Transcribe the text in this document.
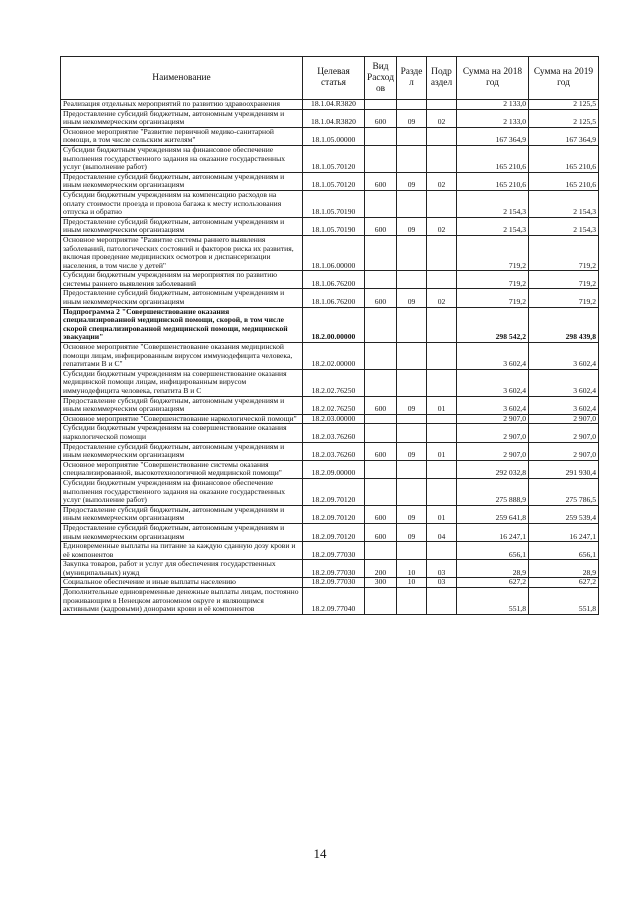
Наименование	Целевая статья	Вид Расход ов	Разде л	Подр аздел	Сумма на 2018 год	Сумма на 2019 год
Реализация отдельных мероприятий по развитию здравоохранения	18.1.04.R3820				2 133,0	2 125,5
Предоставление субсидий бюджетным, автономным учреждениям и иным некоммерческим организациям	18.1.04.R3820	600	09	02	2 133,0	2 125,5
Основное мероприятие "Развитие первичной медико-санитарной помощи, в том числе сельским жителям"	18.1.05.00000				167 364,9	167 364,9
Субсидии бюджетным учреждениям на финансовое обеспечение выполнения государственного задания на оказание государственных услуг (выполнение работ)	18.1.05.70120				165 210,6	165 210,6
Предоставление субсидий бюджетным, автономным учреждениям и иным некоммерческим организациям	18.1.05.70120	600	09	02	165 210,6	165 210,6
Субсидии бюджетным учреждениям на компенсацию расходов на оплату стоимости проезда и провоза багажа к месту использования отпуска и обратно	18.1.05.70190				2 154,3	2 154,3
Предоставление субсидий бюджетным, автономным учреждениям и иным некоммерческим организациям	18.1.05.70190	600	09	02	2 154,3	2 154,3
Основное мероприятие "Развитие системы раннего выявления заболеваний, патологических состояний и факторов риска их развития, включая проведение медицинских осмотров и диспансеризации населения, в том числе у детей"	18.1.06.00000				719,2	719,2
Субсидии бюджетным учреждениям на мероприятия по развитию системы раннего выявления заболеваний	18.1.06.76200				719,2	719,2
Предоставление субсидий бюджетным, автономным учреждениям и иным некоммерческим организациям	18.1.06.76200	600	09	02	719,2	719,2
Подпрограмма 2 "Совершенствование оказания специализированной медицинской помощи, скорой, в том числе скорой специализированной медицинской помощи, медицинской эвакуации"	18.2.00.00000				298 542,2	298 439,8
Основное мероприятие "Совершенствование оказания медицинской помощи лицам, инфицированным вирусом иммунодефицита человека, гепатитами В и С"	18.2.02.00000				3 602,4	3 602,4
Субсидии бюджетным учреждениям на совершенствование оказания медицинской помощи лицам, инфицированным вирусом иммунодефицита человека, гепатита В и С	18.2.02.76250				3 602,4	3 602,4
Предоставление субсидий бюджетным, автономным учреждениям и иным некоммерческим организациям	18.2.02.76250	600	09	01	3 602,4	3 602,4
Основное мероприятие "Совершенствование наркологической помощи"	18.2.03.00000				2 907,0	2 907,0
Субсидии бюджетным учреждениям на совершенствование оказания наркологической помощи	18.2.03.76260				2 907,0	2 907,0
Предоставление субсидий бюджетным, автономным учреждениям и иным некоммерческим организациям	18.2.03.76260	600	09	01	2 907,0	2 907,0
Основное мероприятие "Совершенствование системы оказания специализированной, высокотехнологичной медицинской помощи"	18.2.09.00000				292 032,8	291 930,4
Субсидии бюджетным учреждениям на финансовое обеспечение выполнения государственного задания на оказание государственных услуг (выполнение работ)	18.2.09.70120				275 888,9	275 786,5
Предоставление субсидий бюджетным, автономным учреждениям и иным некоммерческим организациям	18.2.09.70120	600	09	01	259 641,8	259 539,4
Предоставление субсидий бюджетным, автономным учреждениям и иным некоммерческим организациям	18.2.09.70120	600	09	04	16 247,1	16 247,1
Единовременные выплаты на питание за каждую сданную дозу крови и её компонентов	18.2.09.77030				656,1	656,1
Закупка товаров, работ и услуг для обеспечения государственных (муниципальных) нужд	18.2.09.77030	200	10	03	28,9	28,9
Социальное обеспечение и иные выплаты населению	18.2.09.77030	300	10	03	627,2	627,2
Дополнительные единовременные денежные выплаты лицам, постоянно проживающим в Ненецком автономном округе и являющимся активными (кадровыми) донорами крови и её компонентов	18.2.09.77040				551,8	551,8
14
